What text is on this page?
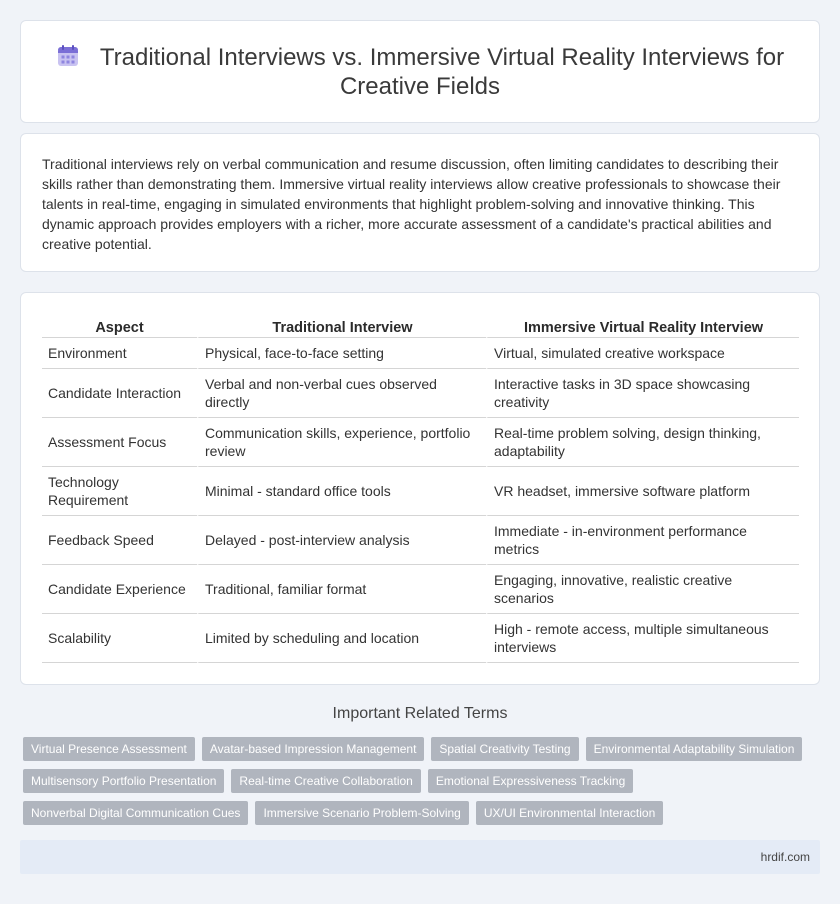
Traditional Interviews vs. Immersive Virtual Reality Interviews for Creative Fields

Traditional interviews rely on verbal communication and resume discussion, often limiting candidates to describing their skills rather than demonstrating them. Immersive virtual reality interviews allow creative professionals to showcase their talents in real-time, engaging in simulated environments that highlight problem-solving and innovative thinking. This dynamic approach provides employers with a richer, more accurate assessment of a candidate's practical abilities and creative potential.

Aspect	Traditional Interview	Immersive Virtual Reality Interview
Environment	Physical, face-to-face setting	Virtual, simulated creative workspace
Candidate Interaction	Verbal and non-verbal cues observed directly	Interactive tasks in 3D space showcasing creativity
Assessment Focus	Communication skills, experience, portfolio review	Real-time problem solving, design thinking, adaptability
Technology Requirement	Minimal - standard office tools	VR headset, immersive software platform
Feedback Speed	Delayed - post-interview analysis	Immediate - in-environment performance metrics
Candidate Experience	Traditional, familiar format	Engaging, innovative, realistic creative scenarios
Scalability	Limited by scheduling and location	High - remote access, multiple simultaneous interviews
Important Related Terms
Virtual Presence Assessment	Avatar-based Impression Management	Spatial Creativity Testing	Environmental Adaptability Simulation
Multisensory Portfolio Presentation	Real-time Creative Collaboration	Emotional Expressiveness Tracking
Nonverbal Digital Communication Cues	Immersive Scenario Problem-Solving	UX/UI Environmental Interaction
hrdif.com
